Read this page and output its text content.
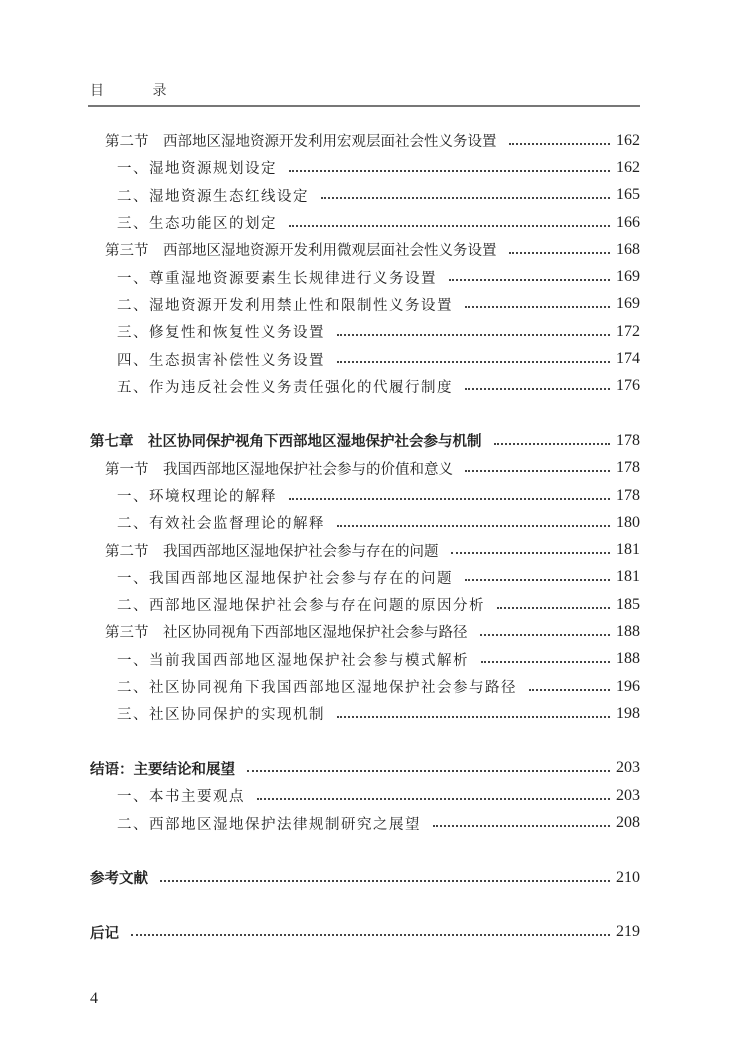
目 录
第二节　西部地区湿地资源开发利用宏观层面社会性义务设置	162
一、湿地资源规划设定	162
二、湿地资源生态红线设定	165
三、生态功能区的划定	166
第三节　西部地区湿地资源开发利用微观层面社会性义务设置	168
一、尊重湿地资源要素生长规律进行义务设置	169
二、湿地资源开发利用禁止性和限制性义务设置	169
三、修复性和恢复性义务设置	172
四、生态损害补偿性义务设置	174
五、作为违反社会性义务责任强化的代履行制度	176
第七章　社区协同保护视角下西部地区湿地保护社会参与机制	178
第一节　我国西部地区湿地保护社会参与的价值和意义	178
一、环境权理论的解释	178
二、有效社会监督理论的解释	180
第二节　我国西部地区湿地保护社会参与存在的问题	181
一、我国西部地区湿地保护社会参与存在的问题	181
二、西部地区湿地保护社会参与存在问题的原因分析	185
第三节　社区协同视角下西部地区湿地保护社会参与路径	188
一、当前我国西部地区湿地保护社会参与模式解析	188
二、社区协同视角下我国西部地区湿地保护社会参与路径	196
三、社区协同保护的实现机制	198
结语：主要结论和展望	203
一、本书主要观点	203
二、西部地区湿地保护法律规制研究之展望	208
参考文献	210
后记	219
4
